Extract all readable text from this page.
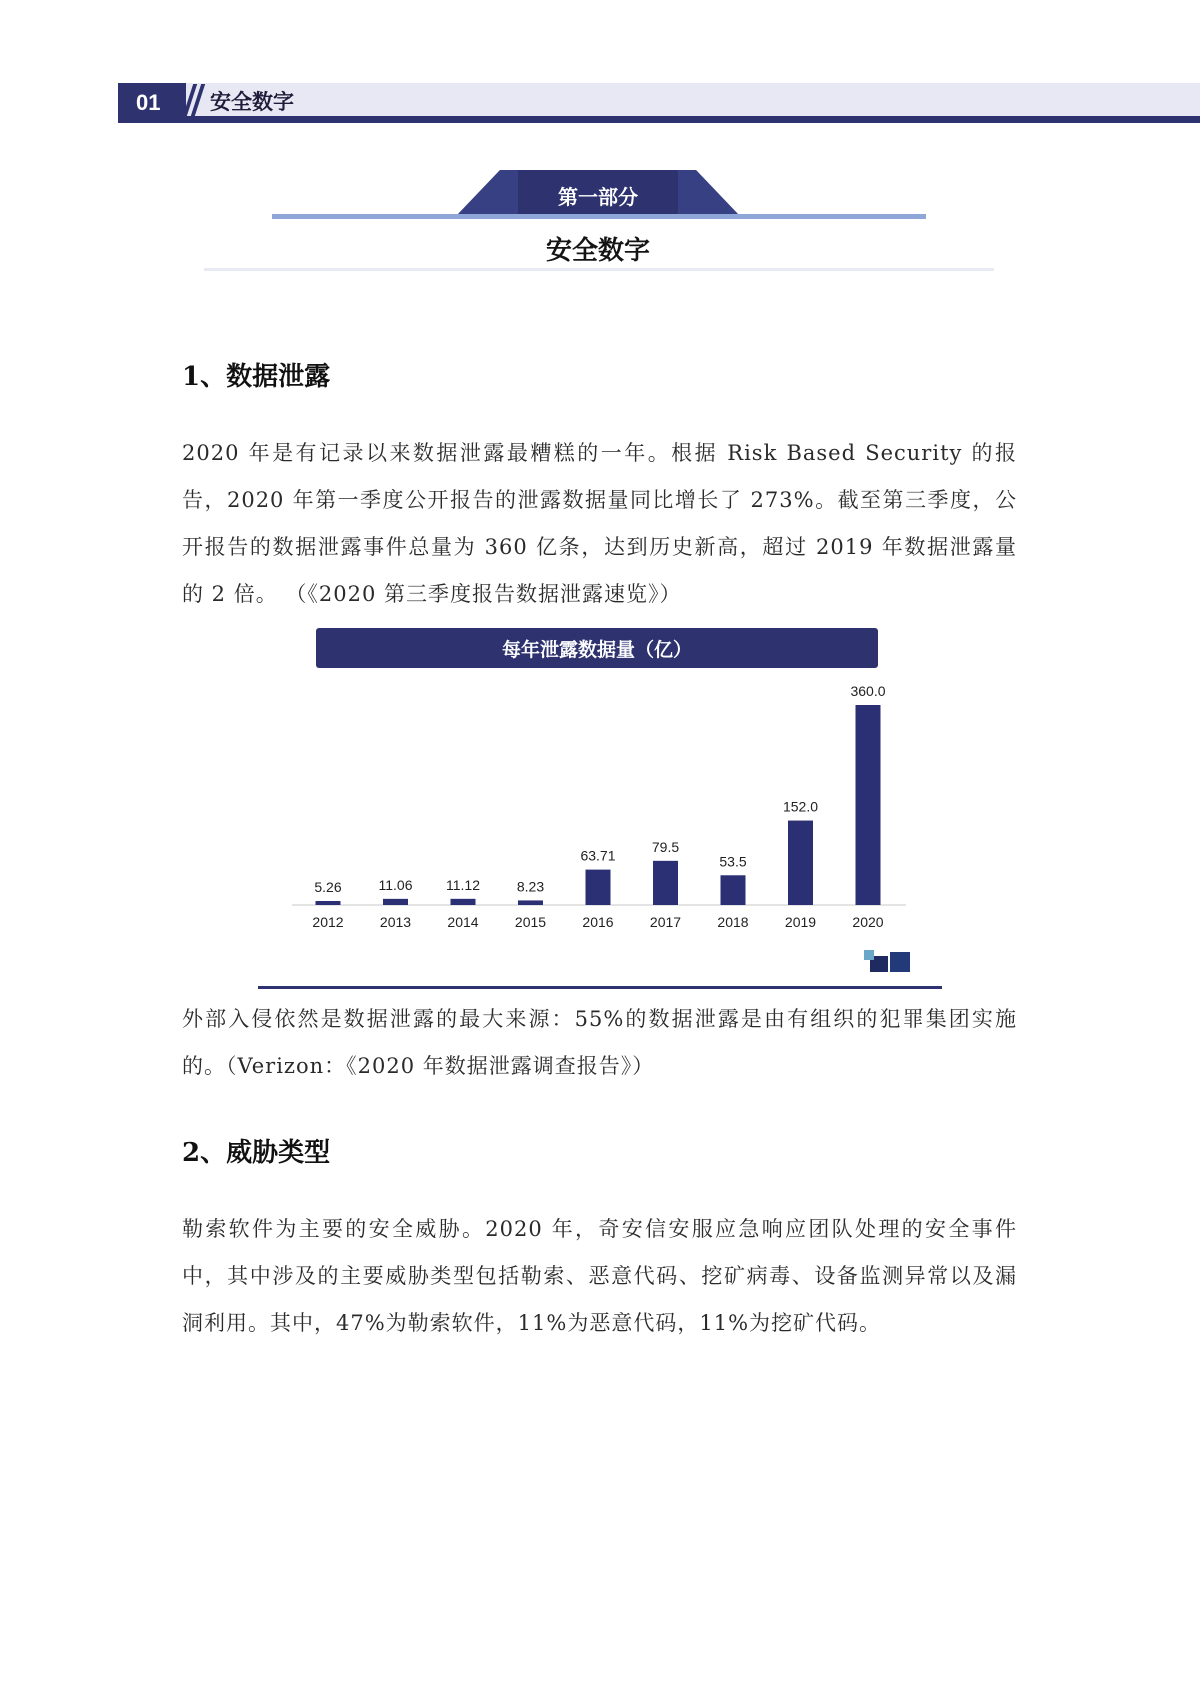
01 安全数字
第一部分
安全数字
1、数据泄露
2020 年是有记录以来数据泄露最糟糕的一年。根据 Risk Based Security 的报告，2020 年第一季度公开报告的泄露数据量同比增长了 273%。截至第三季度，公开报告的数据泄露事件总量为 360 亿条，达到历史新高，超过 2019 年数据泄露量的 2 倍。 （《2020 第三季度报告数据泄露速览》）
每年泄露数据量（亿）
5.26
2012
11.06
2013
11.12
2014
8.23
2015
63.71
2016
79.5
2017
53.5
2018
152.0
2019
360.0
2020
外部入侵依然是数据泄露的最大来源：55%的数据泄露是由有组织的犯罪集团实施的。（Verizon：《2020 年数据泄露调查报告》）
2、威胁类型
勒索软件为主要的安全威胁。2020 年，奇安信安服应急响应团队处理的安全事件中，其中涉及的主要威胁类型包括勒索、恶意代码、挖矿病毒、设备监测异常以及漏洞利用。其中，47%为勒索软件，11%为恶意代码，11%为挖矿代码。
